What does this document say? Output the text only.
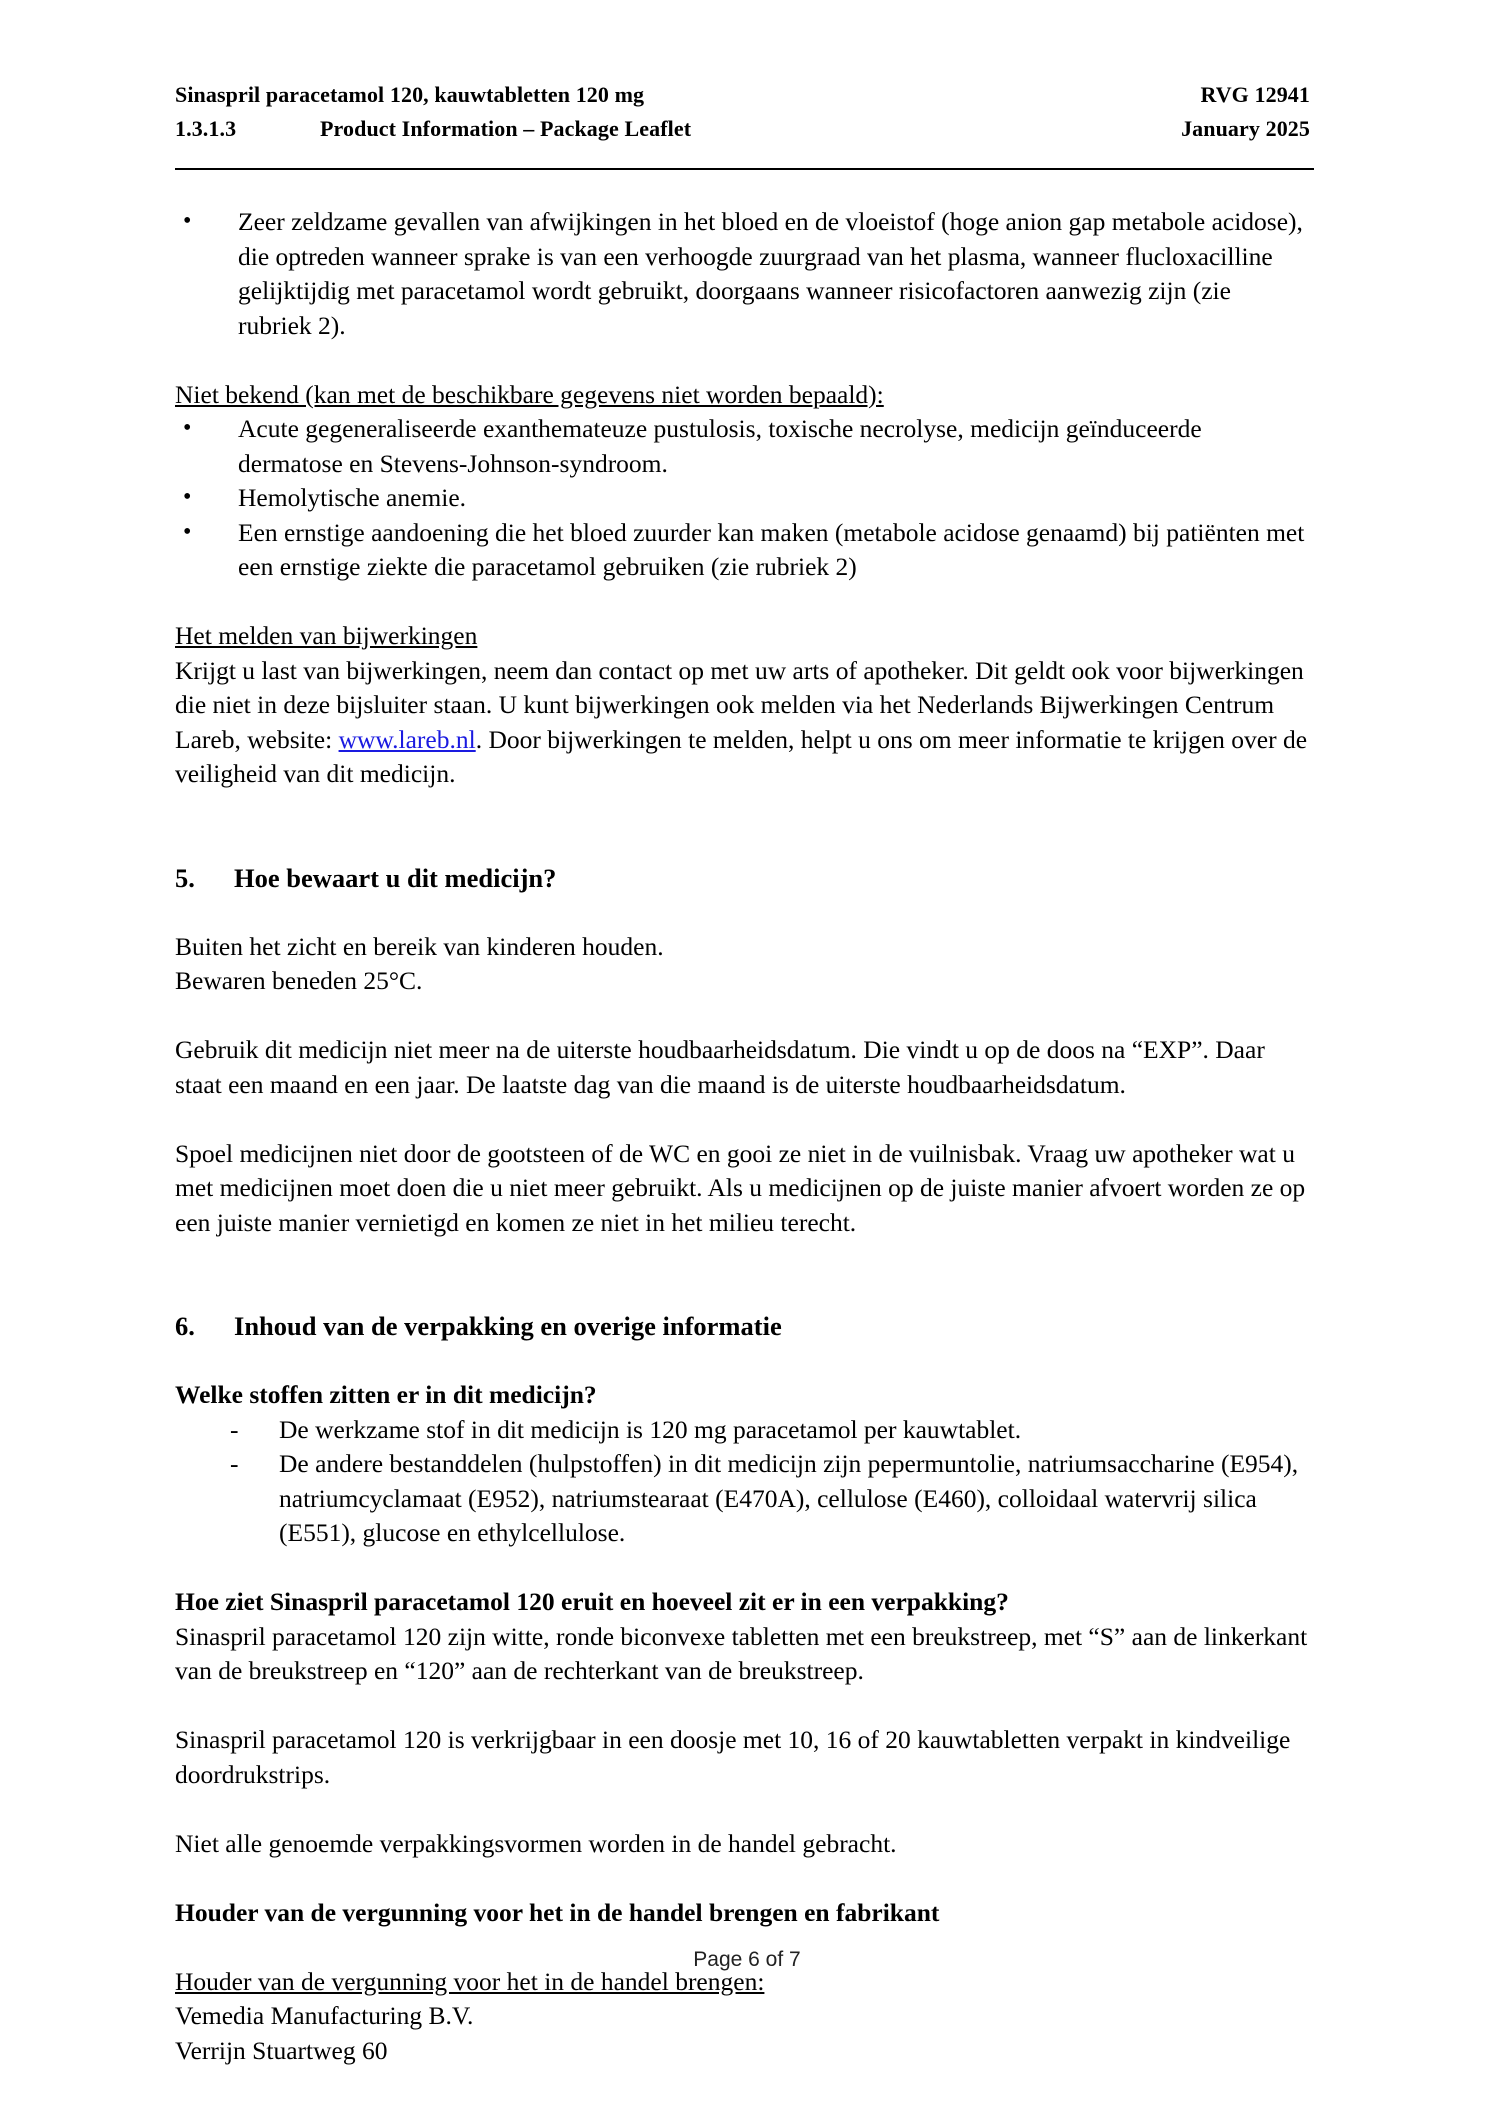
Sinaspril paracetamol 120, kauwtabletten 120 mg	RVG 12941
1.3.1.3	Product Information – Package Leaflet	January 2025
• Zeer zeldzame gevallen van afwijkingen in het bloed en de vloeistof (hoge anion gap metabole acidose), die optreden wanneer sprake is van een verhoogde zuurgraad van het plasma, wanneer flucloxacilline gelijktijdig met paracetamol wordt gebruikt, doorgaans wanneer risicofactoren aanwezig zijn (zie rubriek 2).

Niet bekend (kan met de beschikbare gegevens niet worden bepaald):

• Acute gegeneraliseerde exanthemateuze pustulosis, toxische necrolyse, medicijn geïnduceerde dermatose en Stevens-Johnson-syndroom.
• Hemolytische anemie.
• Een ernstige aandoening die het bloed zuurder kan maken (metabole acidose genaamd) bij patiënten met een ernstige ziekte die paracetamol gebruiken (zie rubriek 2)

Het melden van bijwerkingen

Krijgt u last van bijwerkingen, neem dan contact op met uw arts of apotheker. Dit geldt ook voor bijwerkingen die niet in deze bijsluiter staan. U kunt bijwerkingen ook melden via het Nederlands Bijwerkingen Centrum Lareb, website: www.lareb.nl. Door bijwerkingen te melden, helpt u ons om meer informatie te krijgen over de veiligheid van dit medicijn.

5.	Hoe bewaart u dit medicijn?

Buiten het zicht en bereik van kinderen houden.

Bewaren beneden 25°C.

Gebruik dit medicijn niet meer na de uiterste houdbaarheidsdatum. Die vindt u op de doos na “EXP”. Daar staat een maand en een jaar. De laatste dag van die maand is de uiterste houdbaarheidsdatum.

Spoel medicijnen niet door de gootsteen of de WC en gooi ze niet in de vuilnisbak. Vraag uw apotheker wat u met medicijnen moet doen die u niet meer gebruikt. Als u medicijnen op de juiste manier afvoert worden ze op een juiste manier vernietigd en komen ze niet in het milieu terecht.

6.	Inhoud van de verpakking en overige informatie

Welke stoffen zitten er in dit medicijn?

- De werkzame stof in dit medicijn is 120 mg paracetamol per kauwtablet.
- De andere bestanddelen (hulpstoffen) in dit medicijn zijn pepermuntolie, natriumsaccharine (E954), natriumcyclamaat (E952), natriumstearaat (E470A), cellulose (E460), colloidaal watervrij silica (E551), glucose en ethylcellulose.

Hoe ziet Sinaspril paracetamol 120 eruit en hoeveel zit er in een verpakking?

Sinaspril paracetamol 120 zijn witte, ronde biconvexe tabletten met een breukstreep, met “S” aan de linkerkant van de breukstreep en “120” aan de rechterkant van de breukstreep.

Sinaspril paracetamol 120 is verkrijgbaar in een doosje met 10, 16 of 20 kauwtabletten verpakt in kindveilige doordrukstrips.

Niet alle genoemde verpakkingsvormen worden in de handel gebracht.

Houder van de vergunning voor het in de handel brengen en fabrikant

Houder van de vergunning voor het in de handel brengen:

Vemedia Manufacturing B.V.

Verrijn Stuartweg 60

Page 6 of 7
